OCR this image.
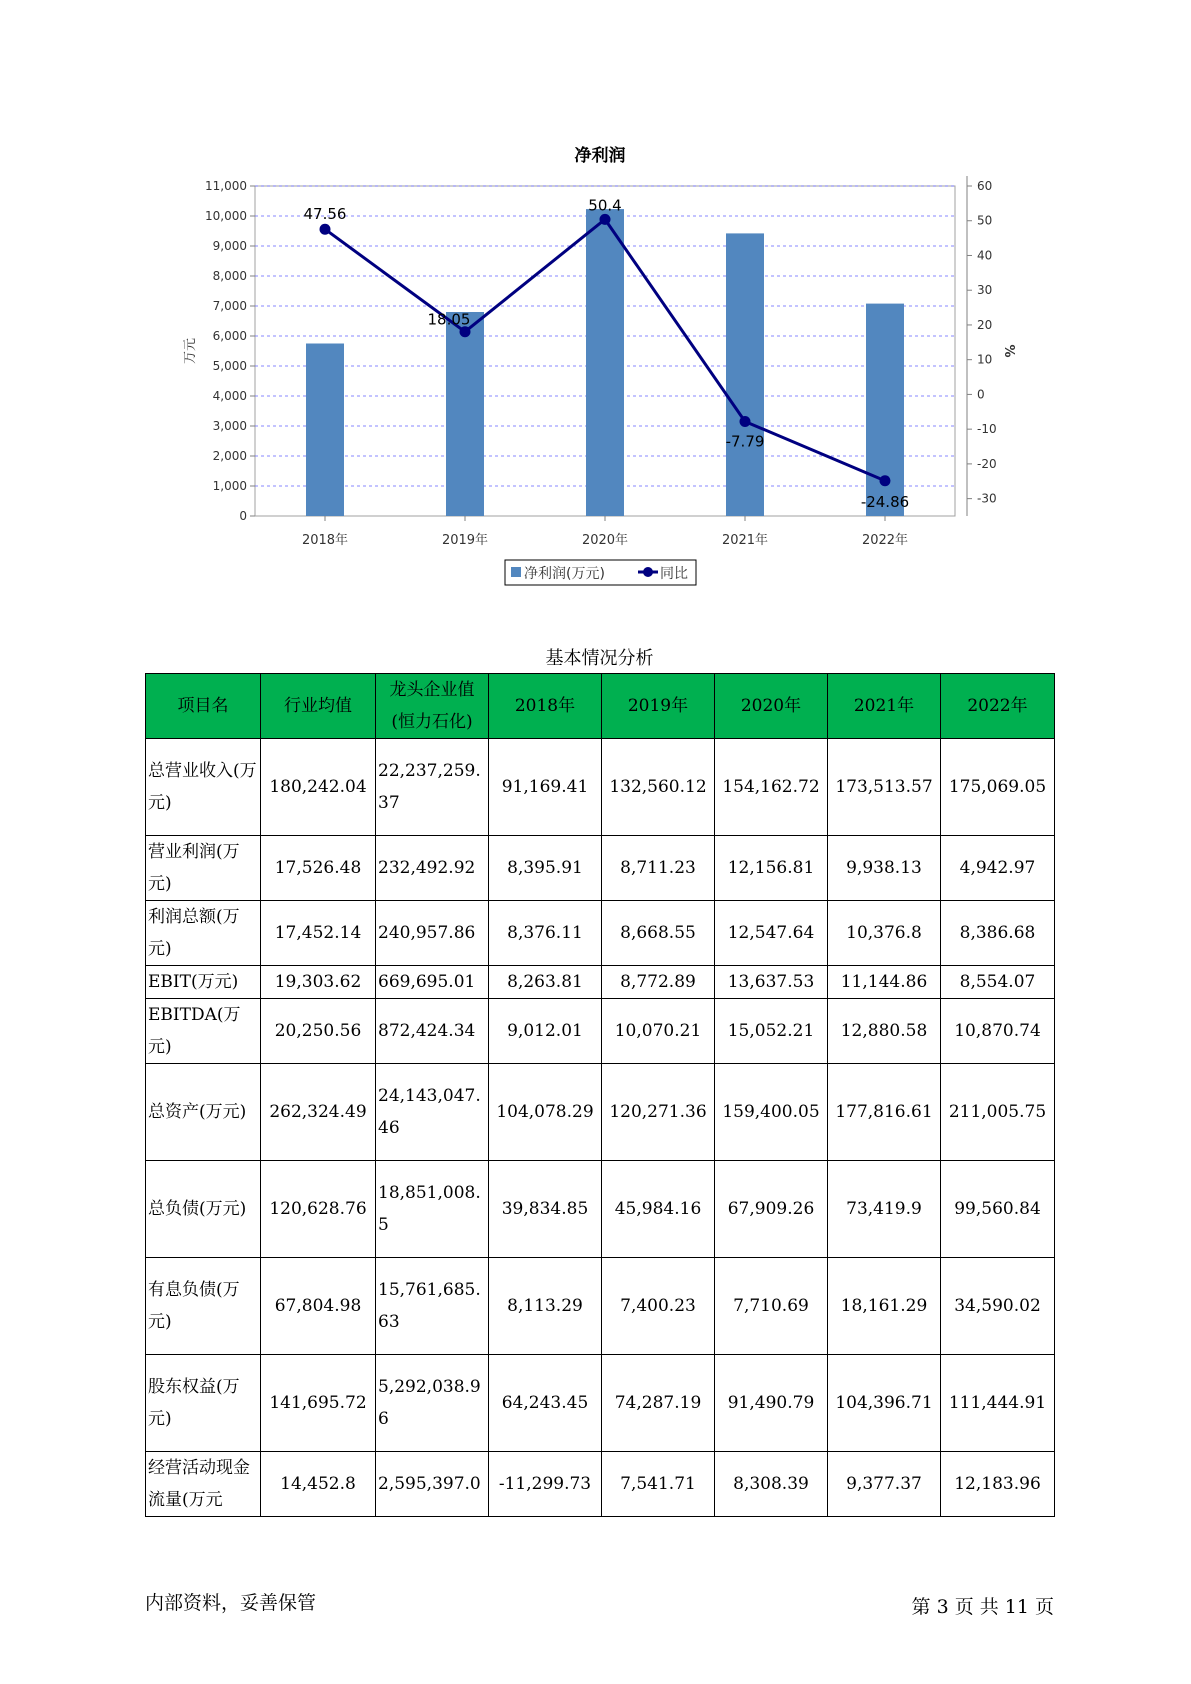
净利润
0
1,000
2,000
3,000
4,000
5,000
6,000
7,000
8,000
9,000
10,000
11,000
-30
-20
-10
0
10
20
30
40
50
60
万元	%
2018年	2019年	2020年	2021年	2022年
47.56
18.05
50.4
-7.79
-24.86
净利润(万元)	同比
基本情况分析
项目名	行业均值	龙头企业值(恒力石化)	2018年	2019年	2020年	2021年	2022年
总营业收入(万元)	180,242.04	22,237,259.37	91,169.41	132,560.12	154,162.72	173,513.57	175,069.05
营业利润(万元)	17,526.48	232,492.92	8,395.91	8,711.23	12,156.81	9,938.13	4,942.97
利润总额(万元)	17,452.14	240,957.86	8,376.11	8,668.55	12,547.64	10,376.8	8,386.68
EBIT(万元)	19,303.62	669,695.01	8,263.81	8,772.89	13,637.53	11,144.86	8,554.07
EBITDA(万元)	20,250.56	872,424.34	9,012.01	10,070.21	15,052.21	12,880.58	10,870.74
总资产(万元)	262,324.49	24,143,047.46	104,078.29	120,271.36	159,400.05	177,816.61	211,005.75
总负债(万元)	120,628.76	18,851,008.5	39,834.85	45,984.16	67,909.26	73,419.9	99,560.84
有息负债(万元)	67,804.98	15,761,685.63	8,113.29	7,400.23	7,710.69	18,161.29	34,590.02
股东权益(万元)	141,695.72	5,292,038.96	64,243.45	74,287.19	91,490.79	104,396.71	111,444.91
经营活动现金流量(万元	14,452.8	2,595,397.0	-11,299.73	7,541.71	8,308.39	9,377.37	12,183.96
内部资料，妥善保管	第 3 页 共 11 页
